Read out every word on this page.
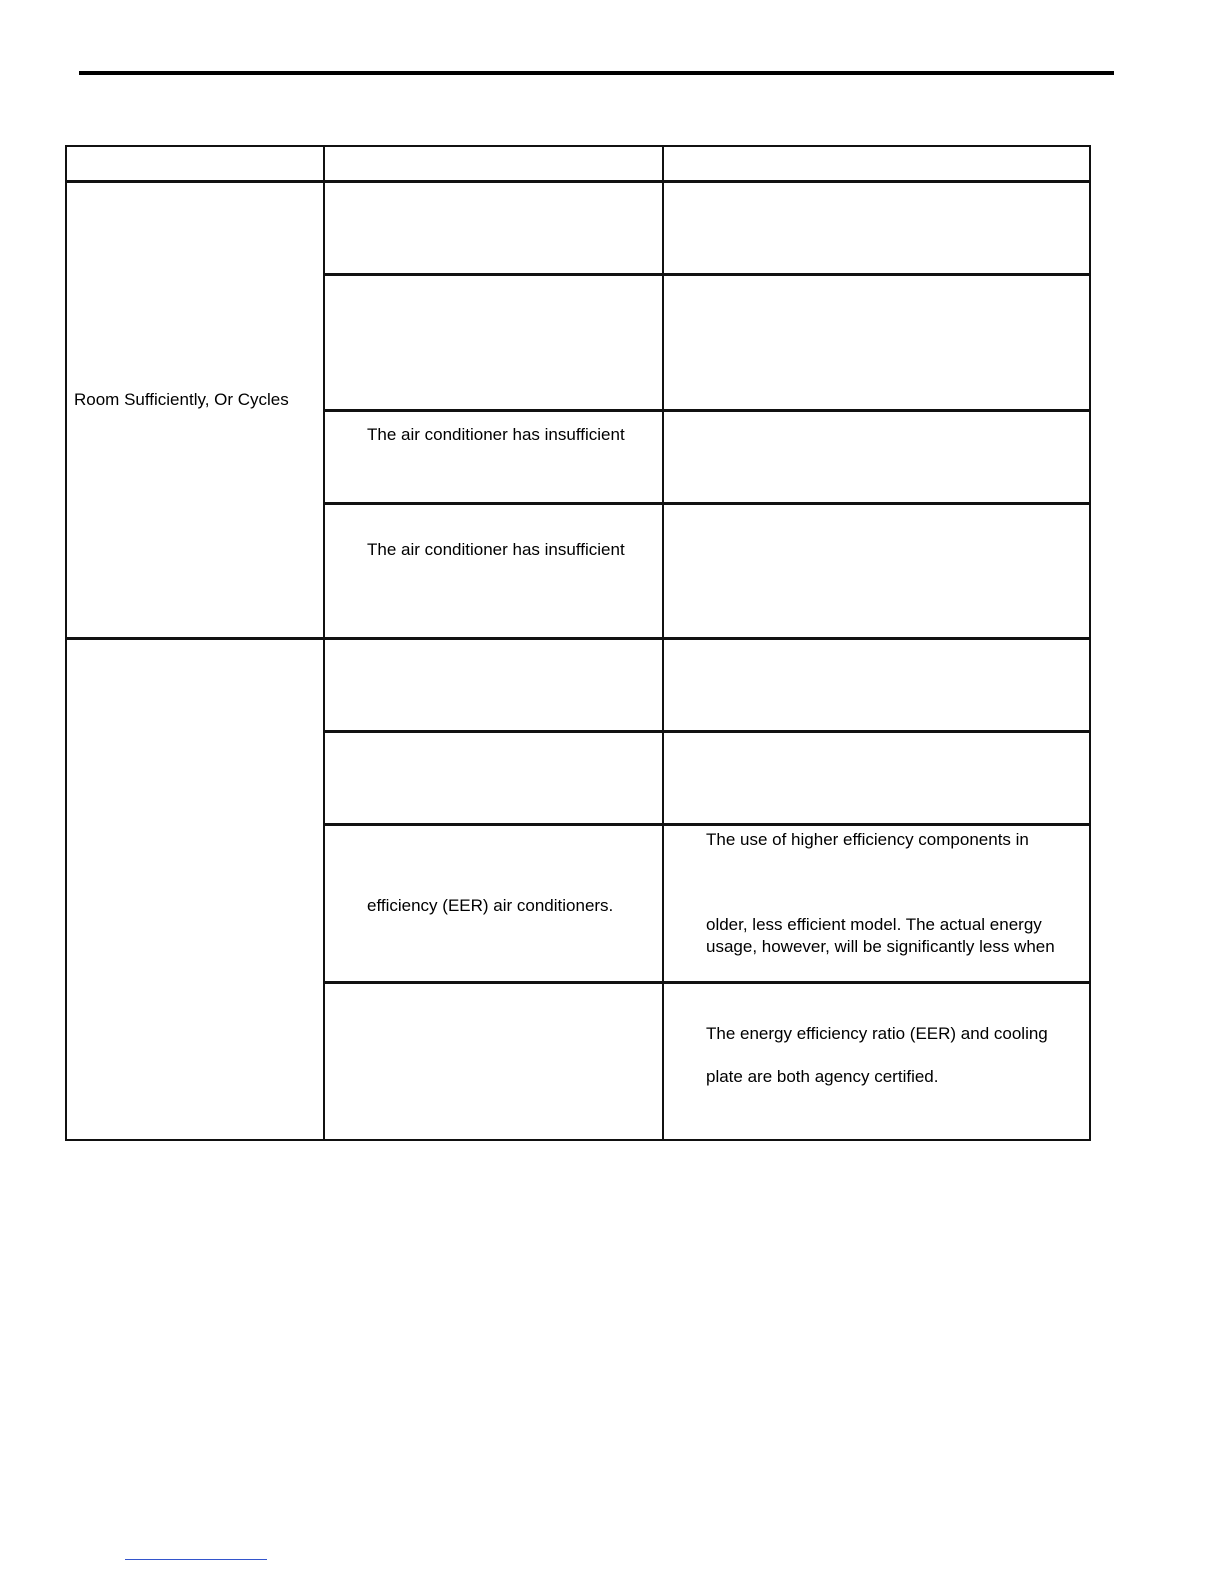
Room Sufficiently, Or Cycles
The air conditioner has insufficient
The air conditioner has insufficient
efficiency (EER) air conditioners.
The use of higher efficiency components in
older, less efficient model. The actual energy
usage, however, will be significantly less when
The energy efficiency ratio (EER) and cooling
plate are both agency certified.
